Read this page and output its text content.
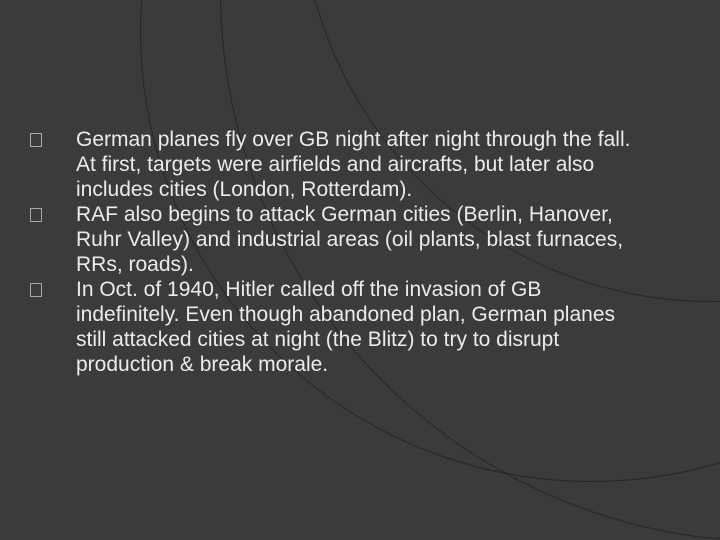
German planes fly over GB night after night through the fall. At first, targets were airfields and aircrafts, but later also includes cities (London, Rotterdam).
RAF also begins to attack German cities (Berlin, Hanover, Ruhr Valley) and industrial areas (oil plants, blast furnaces, RRs, roads).
In Oct. of 1940, Hitler called off the invasion of GB indefinitely. Even though abandoned plan, German planes still attacked cities at night (the Blitz) to try to disrupt production & break morale.
